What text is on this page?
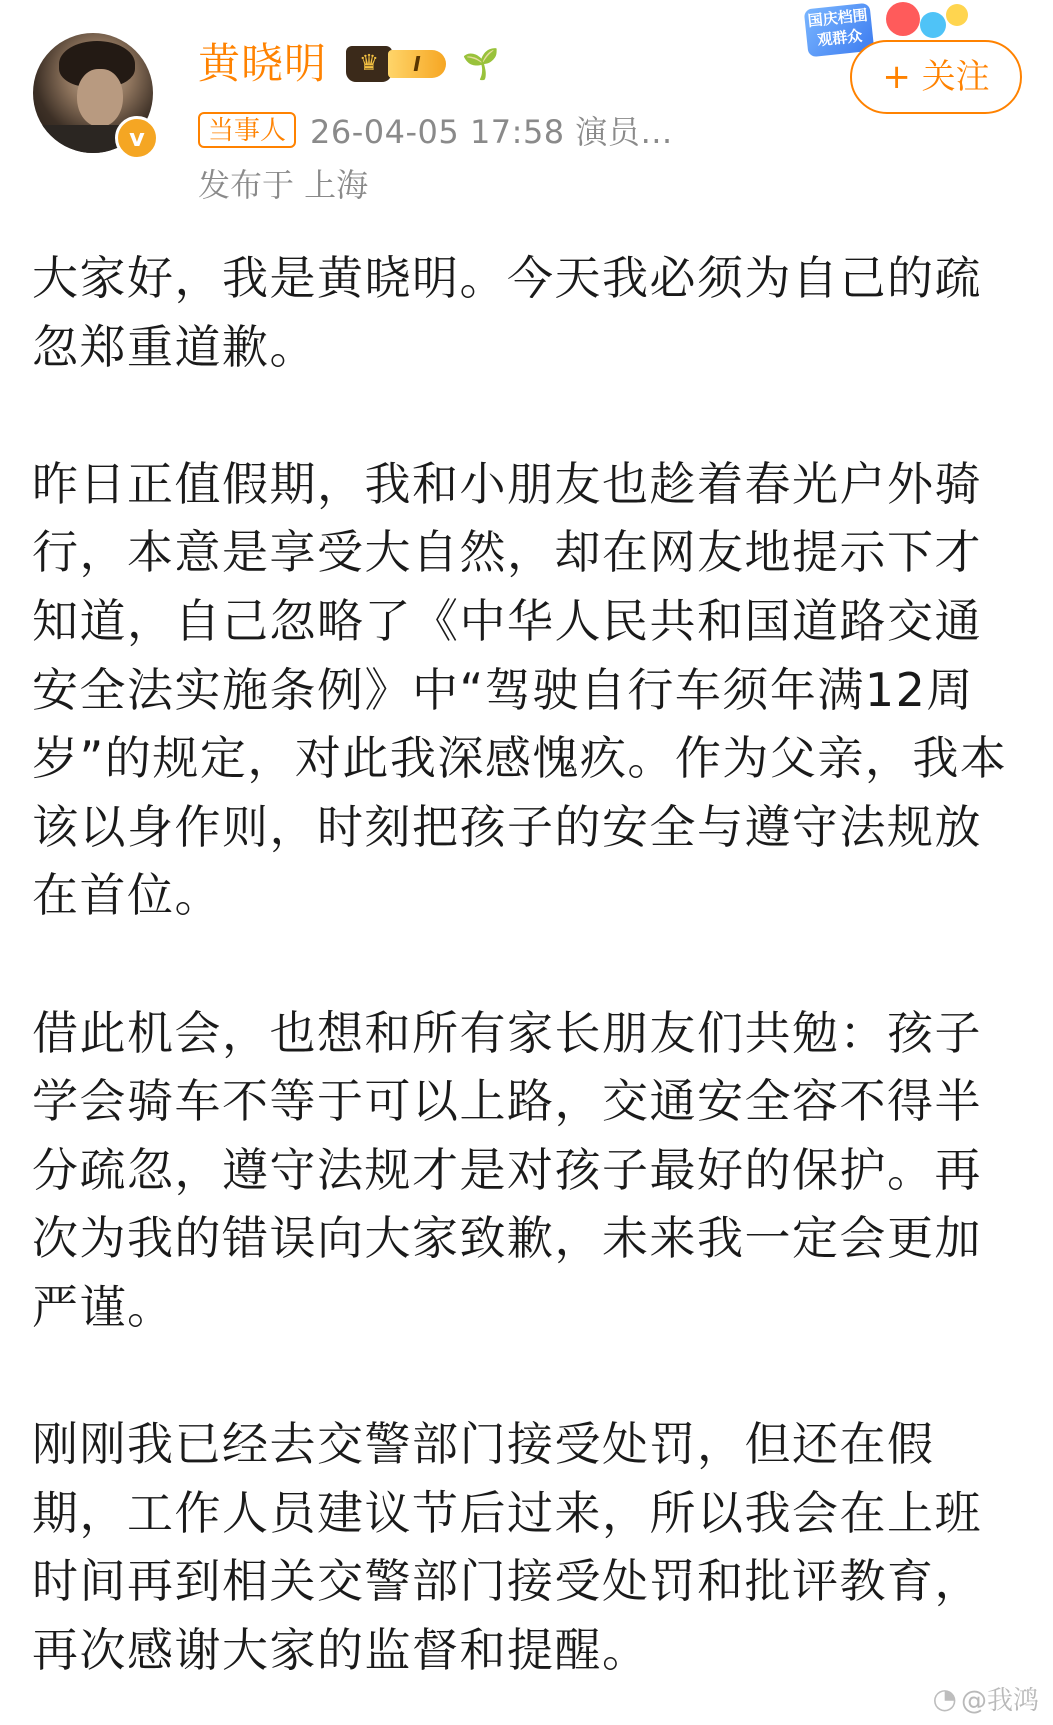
v
黄晓明	♛	I	🌱
国庆档围观群众
+ 关注
当事人 26-04-05 17:58 演员…
发布于 上海

大家好，我是黄晓明。今天我必须为自己的疏忽郑重道歉。

昨日正值假期，我和小朋友也趁着春光户外骑行，本意是享受大自然，却在网友地提示下才知道，自己忽略了《中华人民共和国道路交通安全法实施条例》中“驾驶自行车须年满12周岁”的规定，对此我深感愧疚。作为父亲，我本该以身作则，时刻把孩子的安全与遵守法规放在首位。

借此机会，也想和所有家长朋友们共勉：孩子学会骑车不等于可以上路，交通安全容不得半分疏忽，遵守法规才是对孩子最好的保护。再次为我的错误向大家致歉，未来我一定会更加严谨。

刚刚我已经去交警部门接受处罚，但还在假期，工作人员建议节后过来，所以我会在上班时间再到相关交警部门接受处罚和批评教育，再次感谢大家的监督和提醒。

◔ @我鸿
